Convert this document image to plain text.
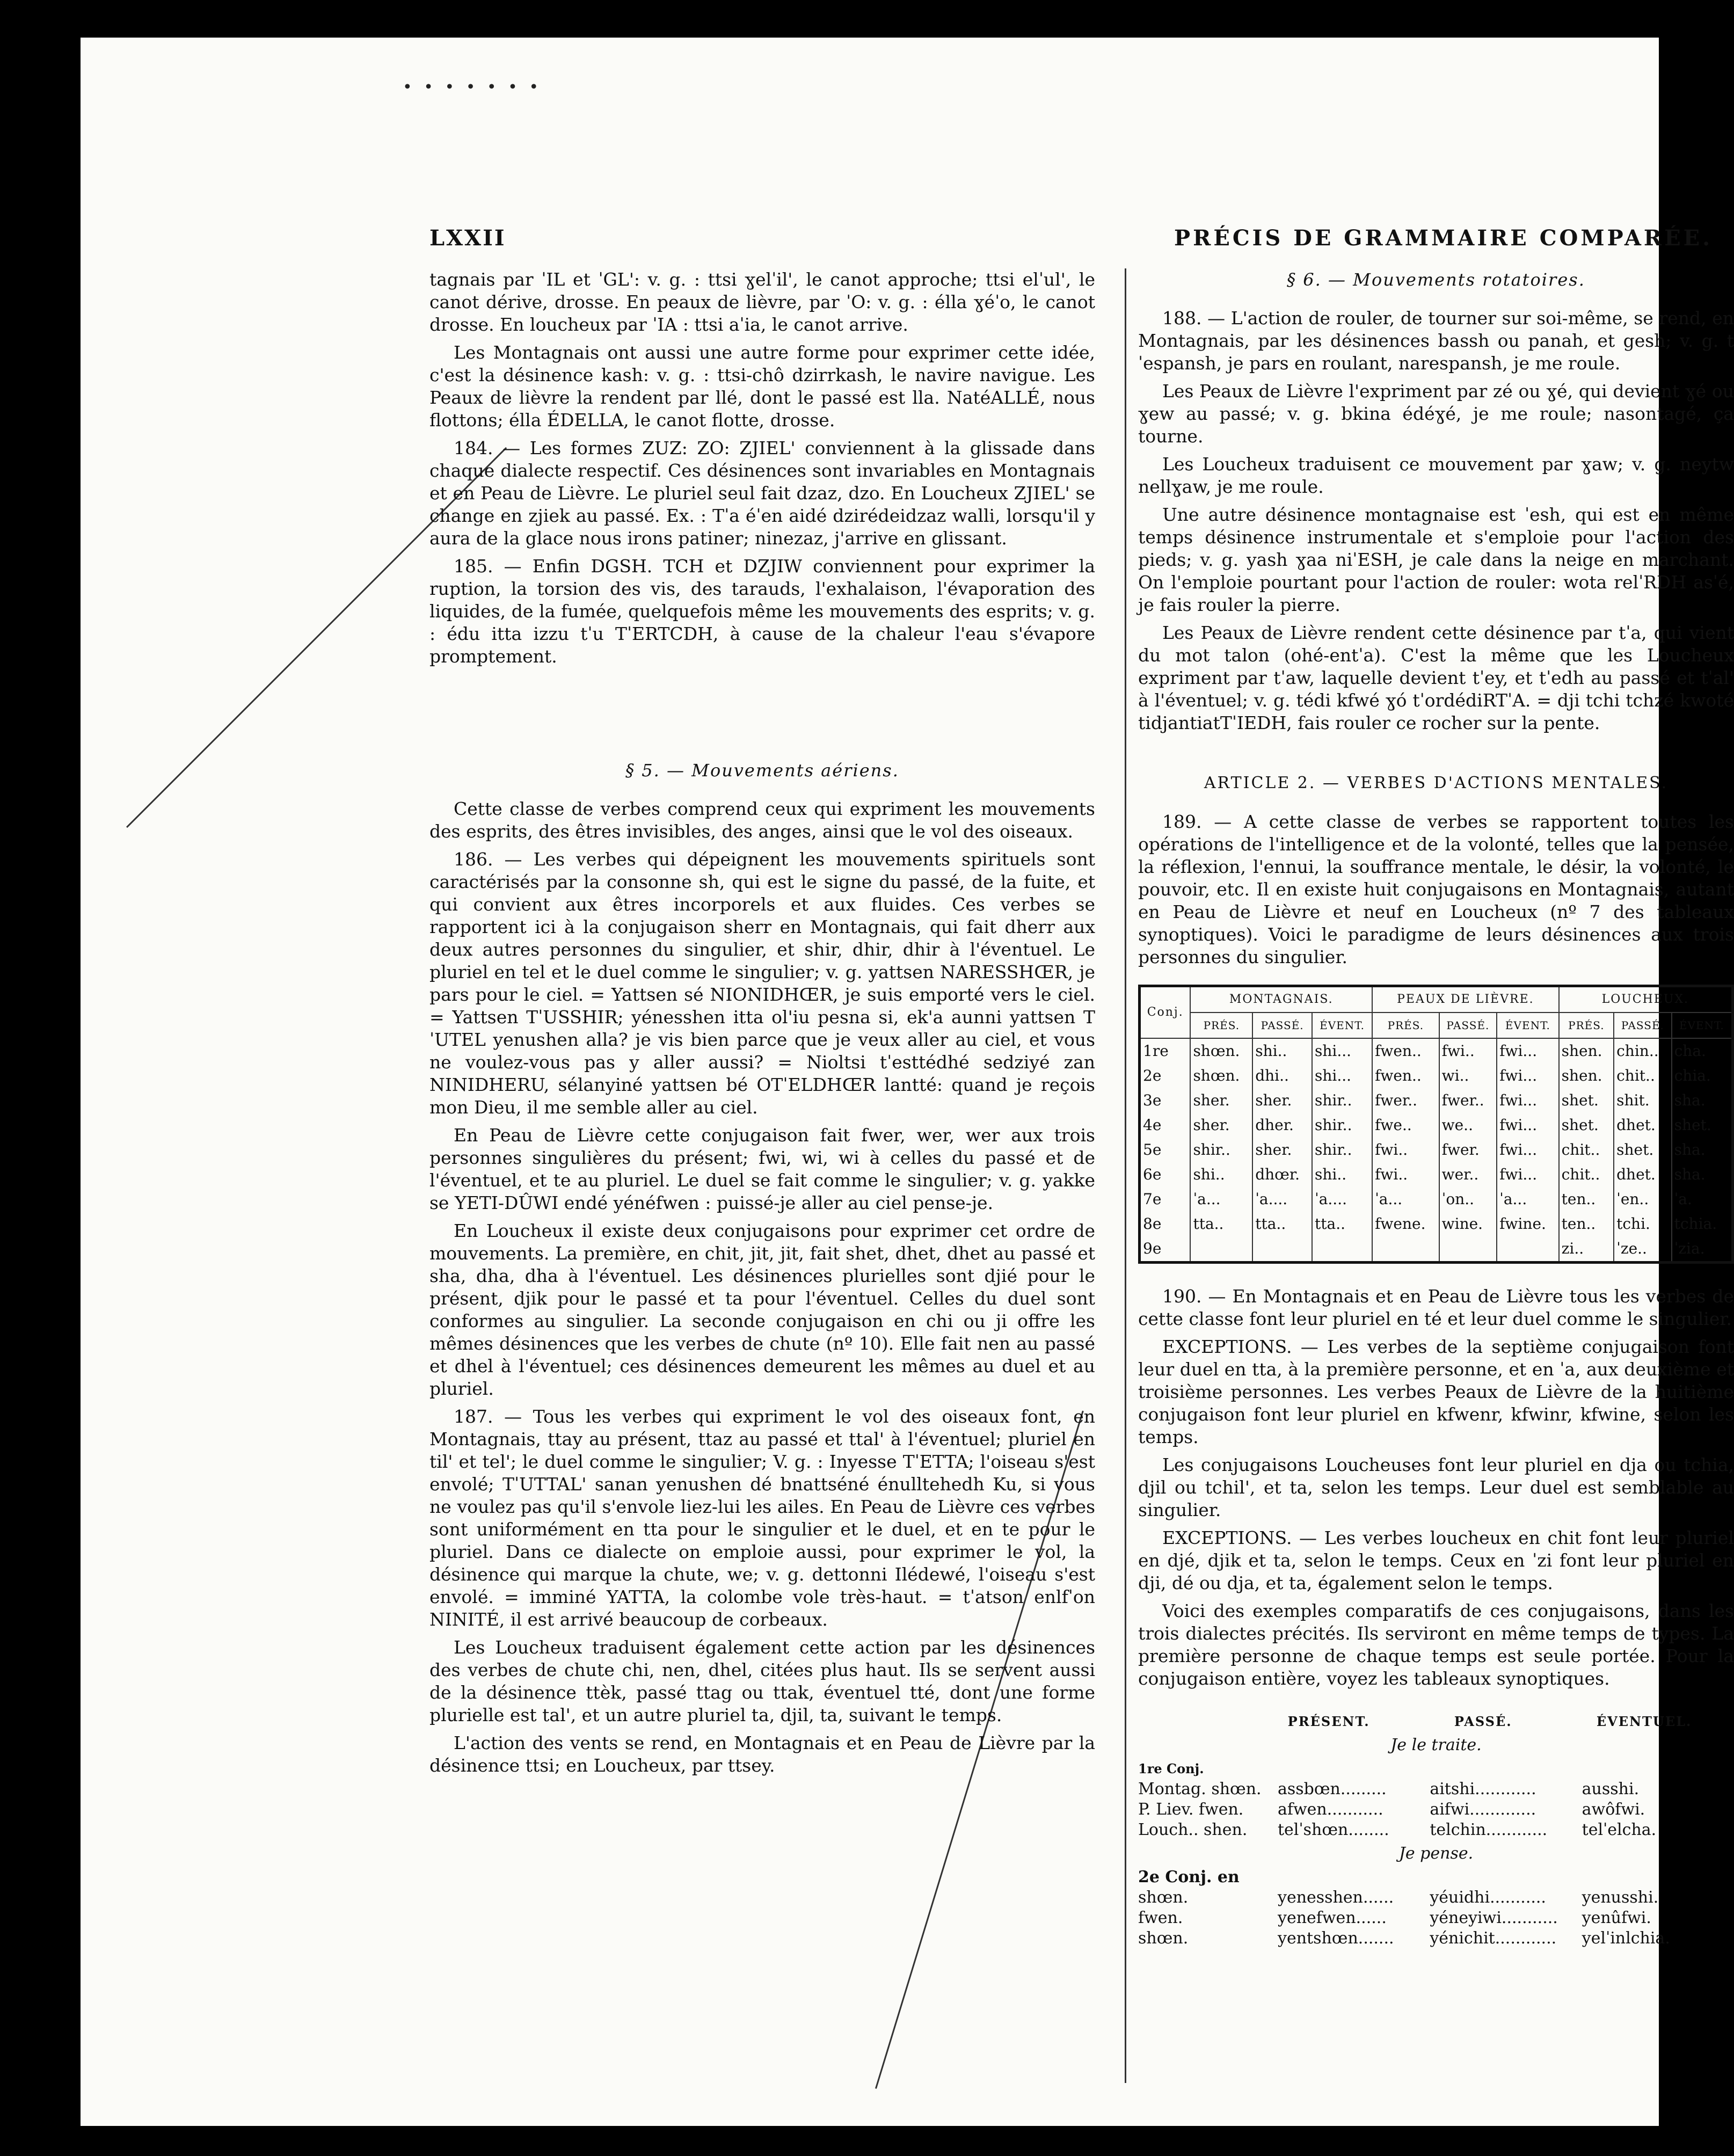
• • • • • • •
LXXII	PRÉCIS DE GRAMMAIRE COMPARÉE.

tagnais par ˈIL et ˈGL': v. g. : ttsi ɣelˈil', le canot approche; ttsi elˈul', le canot dérive, drosse. En peaux de lièvre, par ˈO: v. g. : élla ɣéˈo, le canot drosse. En loucheux par ˈIA : ttsi aˈia, le canot arrive.

Les Montagnais ont aussi une autre forme pour exprimer cette idée, c'est la désinence kash: v. g. : ttsi-chô dzirrkash, le navire navigue. Les Peaux de lièvre la rendent par llé, dont le passé est lla. NatéALLÉ, nous flottons; élla ÉDELLA, le canot flotte, drosse.

184. — Les formes ZUZ: ZO: ZJIEL' conviennent à la glissade dans chaque dialecte respectif. Ces désinences sont invariables en Montagnais et en Peau de Lièvre. Le pluriel seul fait dzaz, dzo. En Loucheux ZJIEL' se change en zjiek au passé. Ex. : Tˈa éˈen aidé dzirédeidzaz walli, lorsqu'il y aura de la glace nous irons patiner; ninezaz, j'arrive en glissant.

185. — Enfin DGSH. TCH et DZJIW conviennent pour exprimer la ruption, la torsion des vis, des tarauds, l'exhalaison, l'évaporation des liquides, de la fumée, quelquefois même les mouvements des esprits; v. g. : édu itta izzu tˈu TˈERTCDH, à cause de la chaleur l'eau s'évapore promptement.

§ 5. — Mouvements aériens.

Cette classe de verbes comprend ceux qui expriment les mouvements des esprits, des êtres invisibles, des anges, ainsi que le vol des oiseaux.

186. — Les verbes qui dépeignent les mouvements spirituels sont caractérisés par la consonne sh, qui est le signe du passé, de la fuite, et qui convient aux êtres incorporels et aux fluides. Ces verbes se rapportent ici à la conjugaison sherr en Montagnais, qui fait dherr aux deux autres personnes du singulier, et shir, dhir, dhir à l'éventuel. Le pluriel en tel et le duel comme le singulier; v. g. yattsen NARESSHŒR, je pars pour le ciel. = Yattsen sé NIONIDHŒR, je suis emporté vers le ciel. = Yattsen TˈUSSHIR; yénesshen itta ol'iu pesna si, ek'a aunni yattsen TˈUTEL yenushen alla? je vis bien parce que je veux aller au ciel, et vous ne voulez-vous pas y aller aussi? = Nioltsi tˈesttédhé sedziyé zan NINIDHERU, sélanyiné yattsen bé OTˈELDHŒR lantté: quand je reçois mon Dieu, il me semble aller au ciel.

En Peau de Lièvre cette conjugaison fait fwer, wer, wer aux trois personnes singulières du présent; fwi, wi, wi à celles du passé et de l'éventuel, et te au pluriel. Le duel se fait comme le singulier; v. g. yakke se YETI-DÛWI endé yénéfwen : puissé-je aller au ciel pense-je.

En Loucheux il existe deux conjugaisons pour exprimer cet ordre de mouvements. La première, en chit, jit, jit, fait shet, dhet, dhet au passé et sha, dha, dha à l'éventuel. Les désinences plurielles sont djié pour le présent, djik pour le passé et ta pour l'éventuel. Celles du duel sont conformes au singulier. La seconde conjugaison en chi ou ji offre les mêmes désinences que les verbes de chute (nº 10). Elle fait nen au passé et dhel à l'éventuel; ces désinences demeurent les mêmes au duel et au pluriel.

187. — Tous les verbes qui expriment le vol des oiseaux font, en Montagnais, ttay au présent, ttaz au passé et ttal' à l'éventuel; pluriel en til' et tel'; le duel comme le singulier; V. g. : Inyesse TˈETTA; l'oiseau s'est envolé; TˈUTTAL' sanan yenushen dé bnattséné énulltehedh Ku, si vous ne voulez pas qu'il s'envole liez-lui les ailes. En Peau de Lièvre ces verbes sont uniformément en tta pour le singulier et le duel, et en te pour le pluriel. Dans ce dialecte on emploie aussi, pour exprimer le vol, la désinence qui marque la chute, we; v. g. dettonni Ilédewé, l'oiseau s'est envolé. = imminé YATTA, la colombe vole très-haut. = tˈatson enlfˈon NINITÉ, il est arrivé beaucoup de corbeaux.

Les Loucheux traduisent également cette action par les désinences des verbes de chute chi, nen, dhel, citées plus haut. Ils se servent aussi de la désinence ttèk, passé ttag ou ttak, éventuel tté, dont une forme plurielle est tal', et un autre pluriel ta, djil, ta, suivant le temps.

L'action des vents se rend, en Montagnais et en Peau de Lièvre par la désinence ttsi; en Loucheux, par ttsey.

§ 6. — Mouvements rotatoires.

188. — L'action de rouler, de tourner sur soi-même, se rend, en Montagnais, par les désinences bassh ou panah, et gesh; v. g. tˈespansh, je pars en roulant, narespansh, je me roule.

Les Peaux de Lièvre l'expriment par zé ou ɣé, qui devient ɣé ou ɣew au passé; v. g. bkina édéɣé, je me roule; nasontagé, ça tourne.

Les Loucheux traduisent ce mouvement par ɣaw; v. g. neytw nellɣaw, je me roule.

Une autre désinence montagnaise est ˈesh, qui est en même temps désinence instrumentale et s'emploie pour l'action des pieds; v. g. yash ɣaa niˈESH, je cale dans la neige en marchant. On l'emploie pourtant pour l'action de rouler: wota relˈRDH asˈé, je fais rouler la pierre.

Les Peaux de Lièvre rendent cette désinence par tˈa, qui vient du mot talon (ohé-entˈa). C'est la même que les Loucheux expriment par tˈaw, laquelle devient tˈey, et tˈedh au passé et tˈal' à l'éventuel; v. g. tédi kfwé ɣó tˈordédiRTˈA. = dji tchi tchzé kwoté tidjantiatTˈIEDH, fais rouler ce rocher sur la pente.

ARTICLE 2. — VERBES D'ACTIONS MENTALES.

189. — A cette classe de verbes se rapportent toutes les opérations de l'intelligence et de la volonté, telles que la pensée, la réflexion, l'ennui, la souffrance mentale, le désir, la volonté, le pouvoir, etc. Il en existe huit conjugaisons en Montagnais, autant en Peau de Lièvre et neuf en Loucheux (nº 7 des tableaux synoptiques). Voici le paradigme de leurs désinences aux trois personnes du singulier.

Conj.	MONTAGNAIS.			PEAUX DE LIÈVRE.			LOUCHEUX.		
	PRÉS.	PASSÉ.	ÉVENT.	PRÉS.	PASSÉ.	ÉVENT.	PRÉS.	PASSÉ.	ÉVENT.
1re	shœn.	shi..	shi...	fwen..	fwi..	fwi...	shen.	chin..	cha.
2e	shœn.	dhi..	shi...	fwen..	wi..	fwi...	shen.	chit..	chia.
3e	sher.	sher.	shir..	fwer..	fwer..	fwi...	shet.	shit.	sha.
4e	sher.	dher.	shir..	fwe..	we..	fwi...	shet.	dhet.	shet.
5e	shir..	sher.	shir..	fwi..	fwer.	fwi...	chit..	shet.	sha.
6e	shi..	dhœr.	shi..	fwi..	wer..	fwi...	chit..	dhet.	sha.
7e	ˈa...	ˈa....	ˈa....	ˈa...	ˈon..	ˈa...	ten..	ˈen..	ˈa.
8e	tta..	tta..	tta..	fwene.	wine.	fwine.	ten..	tchi.	tchia.
9e							zi..	ˈze..	ˈzia.

190. — En Montagnais et en Peau de Lièvre tous les verbes de cette classe font leur pluriel en té et leur duel comme le singulier.

EXCEPTIONS. — Les verbes de la septième conjugaison font leur duel en tta, à la première personne, et en ˈa, aux deuxième et troisième personnes. Les verbes Peaux de Lièvre de la huitième conjugaison font leur pluriel en kfwenr, kfwinr, kfwine, selon les temps.

Les conjugaisons Loucheuses font leur pluriel en dja ou tchia, djil ou tchil', et ta, selon les temps. Leur duel est semblable au singulier.

EXCEPTIONS. — Les verbes loucheux en chit font leur pluriel en djé, djik et ta, selon le temps. Ceux en ˈzi font leur pluriel en dji, dé ou dja, et ta, également selon le temps.

Voici des exemples comparatifs de ces conjugaisons, dans les trois dialectes précités. Ils serviront en même temps de types. La première personne de chaque temps est seule portée. Pour la conjugaison entière, voyez les tableaux synoptiques.

PRÉSENT.	PASSÉ.	ÉVENTUEL.
Je le traite.
1re Conj.
Montag. shœn.	assbœn.........	aitshi............	ausshi.
P. Liev. fwen.	afwen...........	aifwi.............	awôfwi.
Louch.. shen.	telˈshœn........	telchin............	telˈelcha.
Je pense.
2e Conj. en
shœn.	yenesshen......	yéuidhi...........	yenusshi.
fwen.	yenefwen......	yéneyiwi...........	yenûfwi.
shœn.	yentshœn.......	yénichit............	yelˈinlchia.
